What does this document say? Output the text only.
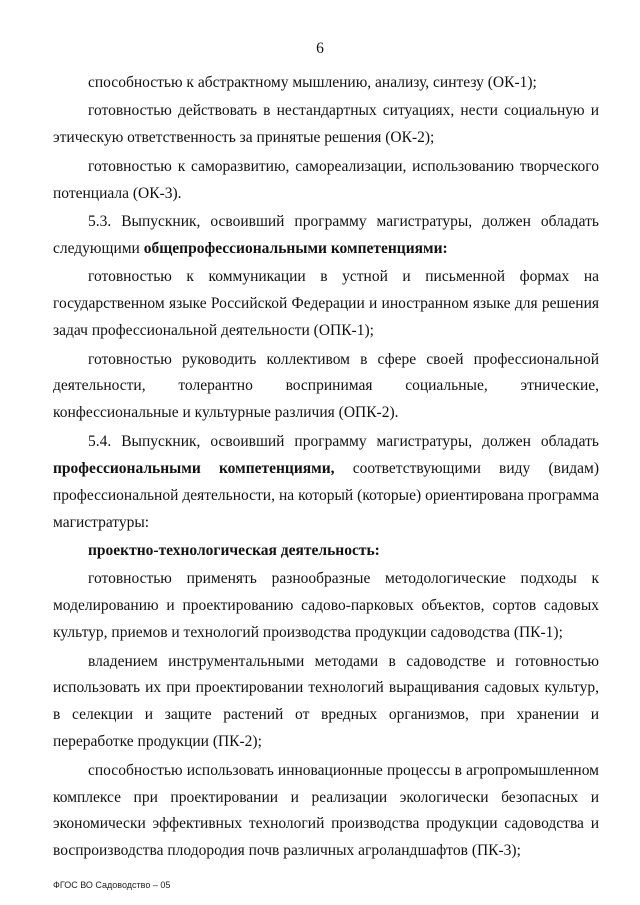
6

способностью к абстрактному мышлению, анализу, синтезу (ОК-1);

готовностью действовать в нестандартных ситуациях, нести социальную и этическую ответственность за принятые решения (ОК-2);

готовностью к саморазвитию, самореализации, использованию творческого потенциала (ОК-3).

5.3. Выпускник, освоивший программу магистратуры, должен обладать следующими общепрофессиональными компетенциями:

готовностью к коммуникации в устной и письменной формах на государственном языке Российской Федерации и иностранном языке для решения задач профессиональной деятельности (ОПК-1);

готовностью руководить коллективом в сфере своей профессиональной деятельности, толерантно воспринимая социальные, этнические, конфессиональные и культурные различия (ОПК-2).

5.4. Выпускник, освоивший программу магистратуры, должен обладать профессиональными компетенциями, соответствующими виду (видам) профессиональной деятельности, на который (которые) ориентирована программа магистратуры:

проектно-технологическая деятельность:

готовностью применять разнообразные методологические подходы к моделированию и проектированию садово-парковых объектов, сортов садовых культур, приемов и технологий производства продукции садоводства (ПК-1);

владением инструментальными методами в садоводстве и готовностью использовать их при проектировании технологий выращивания садовых культур, в селекции и защите растений от вредных организмов, при хранении и переработке продукции (ПК-2);

способностью использовать инновационные процессы в агропромышленном комплексе при проектировании и реализации экологически безопасных и экономически эффективных технологий производства продукции садоводства и воспроизводства плодородия почв различных агроландшафтов (ПК-3);

ФГОС ВО Садоводство – 05
